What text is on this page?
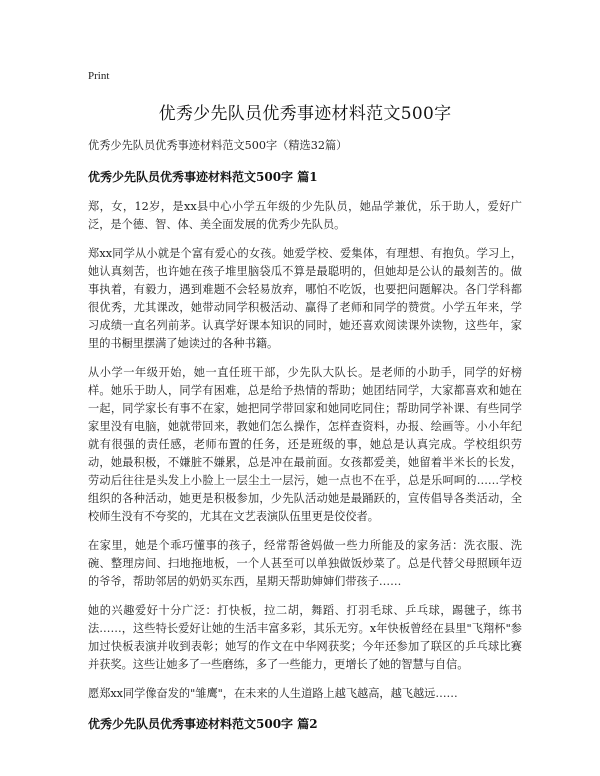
Print
优秀少先队员优秀事迹材料范文500字
优秀少先队员优秀事迹材料范文500字（精选32篇）
优秀少先队员优秀事迹材料范文500字 篇1

郑，女，12岁，是xx县中心小学五年级的少先队员，她品学兼优，乐于助人，爱好广泛，是个德、智、体、美全面发展的优秀少先队员。

郑xx同学从小就是个富有爱心的女孩。她爱学校、爱集体，有理想、有抱负。学习上，她认真刻苦，也许她在孩子堆里脑袋瓜不算是最聪明的，但她却是公认的最刻苦的。做事执着，有毅力，遇到难题不会轻易放弃，哪怕不吃饭，也要把问题解决。各门学科都很优秀，尤其课改，她带动同学积极活动、赢得了老师和同学的赞赏。小学五年来，学习成绩一直名列前茅。认真学好课本知识的同时，她还喜欢阅读课外读物，这些年，家里的书橱里摆满了她读过的各种书籍。

从小学一年级开始，她一直任班干部，少先队大队长。是老师的小助手，同学的好榜样。她乐于助人，同学有困难，总是给予热情的帮助；她团结同学，大家都喜欢和她在一起，同学家长有事不在家，她把同学带回家和她同吃同住；帮助同学补课、有些同学家里没有电脑，她就带回来，教她们怎么操作，怎样查资料，办报、绘画等。小小年纪就有很强的责任感，老师布置的任务，还是班级的事，她总是认真完成。学校组织劳动，她最积极，不嫌脏不嫌累，总是冲在最前面。女孩都爱美，她留着半米长的长发，劳动后往往是头发上小脸上一层尘土一层污，她一点也不在乎，总是乐呵呵的……学校组织的各种活动，她更是积极参加，少先队活动她是最踊跃的，宣传倡导各类活动，全校师生没有不夸奖的，尤其在文艺表演队伍里更是佼佼者。

在家里，她是个乖巧懂事的孩子，经常帮爸妈做一些力所能及的家务活：洗衣服、洗碗、整理房间、扫地拖地板，一个人甚至可以单独做饭炒菜了。总是代替父母照顾年迈的爷爷，帮助邻居的奶奶买东西，星期天帮助婶婶们带孩子……

她的兴趣爱好十分广泛：打快板，拉二胡，舞蹈、打羽毛球、乒乓球，踢毽子，练书法……，这些特长爱好让她的生活丰富多彩，其乐无穷。x年快板曾经在县里"飞翔杯"参加过快板表演并收到表彰；她写的作文在中华网获奖；今年还参加了联区的乒乓球比赛并获奖。这些让她多了一些磨练，多了一些能力，更增长了她的智慧与自信。

愿郑xx同学像奋发的"雏鹰"，在未来的人生道路上越飞越高，越飞越远……

优秀少先队员优秀事迹材料范文500字 篇2
